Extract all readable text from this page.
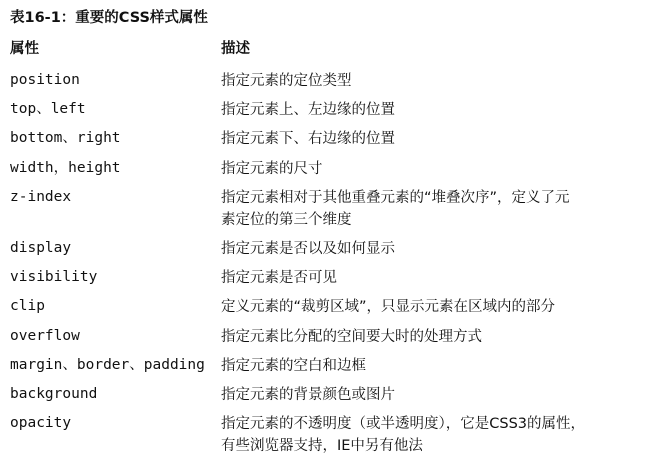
表16-1：重要的CSS样式属性
属性	描述
position	指定元素的定位类型
top、left	指定元素上、左边缘的位置
bottom、right	指定元素下、右边缘的位置
width，height	指定元素的尺寸
z-index	指定元素相对于其他重叠元素的“堆叠次序”，定义了元
素定位的第三个维度
display	指定元素是否以及如何显示
visibility	指定元素是否可见
clip	定义元素的“裁剪区域”，只显示元素在区域内的部分
overflow	指定元素比分配的空间要大时的处理方式
margin、border、padding 指定元素的空白和边框
background	指定元素的背景颜色或图片
opacity	指定元素的不透明度（或半透明度），它是CSS3的属性，
有些浏览器支持，IE中另有他法
